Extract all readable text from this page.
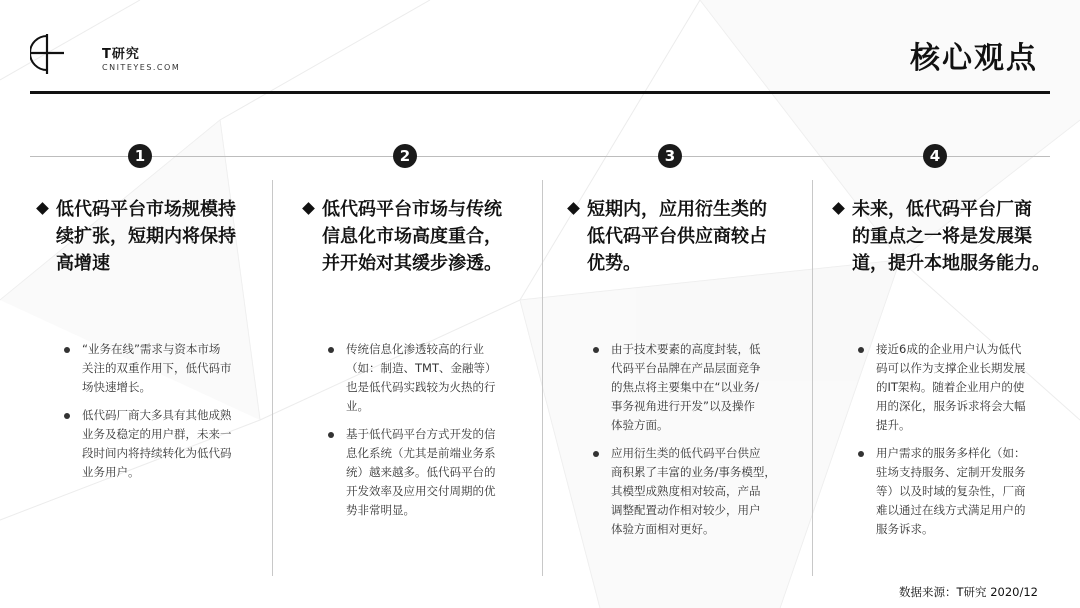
T研究
CNITEYES.COM	核心观点
1	2	3	4
低代码平台市场规模持
续扩张，短期内将保持
高增速
“业务在线”需求与资本市场
关注的双重作用下，低代码市
场快速增长。
低代码厂商大多具有其他成熟
业务及稳定的用户群，未来一
段时间内将持续转化为低代码
业务用户。
低代码平台市场与传统
信息化市场高度重合，
并开始对其缓步渗透。
传统信息化渗透较高的行业
（如：制造、TMT、金融等）
也是低代码实践较为火热的行
业。
基于低代码平台方式开发的信
息化系统（尤其是前端业务系
统）越来越多。低代码平台的
开发效率及应用交付周期的优
势非常明显。
短期内，应用衍生类的
低代码平台供应商较占
优势。
由于技术要素的高度封装，低
代码平台品牌在产品层面竞争
的焦点将主要集中在“以业务/
事务视角进行开发”以及操作
体验方面。
应用衍生类的低代码平台供应
商积累了丰富的业务/事务模型，
其模型成熟度相对较高，产品
调整配置动作相对较少，用户
体验方面相对更好。
未来，低代码平台厂商
的重点之一将是发展渠
道，提升本地服务能力。
接近6成的企业用户认为低代
码可以作为支撑企业长期发展
的IT架构。随着企业用户的使
用的深化，服务诉求将会大幅
提升。
用户需求的服务多样化（如：
驻场支持服务、定制开发服务
等）以及时域的复杂性，厂商
难以通过在线方式满足用户的
服务诉求。
数据来源：T研究 2020/12
